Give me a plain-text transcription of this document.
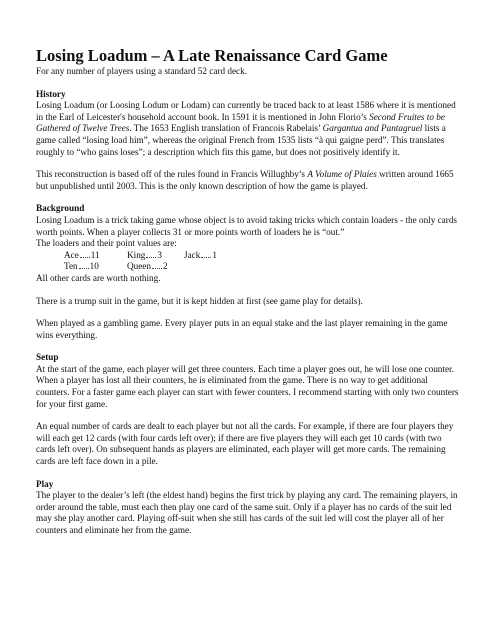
Losing Loadum – A Late Renaissance Card Game

For any number of players using a standard 52 card deck.

History

Losing Loadum (or Loosing Lodum or Lodam) can currently be traced back to at least 1586 where it is mentioned in the Earl of Leicester's household account book. In 1591 it is mentioned in John Florio’s Second Fruites to be Gathered of Twelve Trees. The 1653 English translation of Francois Rabelais’ Gargantua and Pantagruel lists a game called “losing load him”, whereas the original French from 1535 lists “à qui gaigne perd”. This translates roughly to “who gains loses”; a description which fits this game, but does not positively identify it.

This reconstruction is based off of the rules found in Francis Willughby’s A Volume of Plaies written around 1665 but unpublished until 2003. This is the only known description of how the game is played.

Background

Losing Loadum is a trick taking game whose object is to avoid taking tricks which contain loaders - the only cards worth points. When a player collects 31 or more points worth of loaders he is “out.”

The loaders and their point values are:

Ace 11	King 3 Jack 1
Ten 10	Queen 2

All other cards are worth nothing.

There is a trump suit in the game, but it is kept hidden at first (see game play for details).

When played as a gambling game. Every player puts in an equal stake and the last player remaining in the game wins everything.

Setup

At the start of the game, each player will get three counters. Each time a player goes out, he will lose one counter. When a player has lost all their counters, he is eliminated from the game. There is no way to get additional counters. For a faster game each player can start with fewer counters. I recommend starting with only two counters for your first game.

An equal number of cards are dealt to each player but not all the cards. For example, if there are four players they will each get 12 cards (with four cards left over); if there are five players they will each get 10 cards (with two cards left over). On subsequent hands as players are eliminated, each player will get more cards. The remaining cards are left face down in a pile.

Play

The player to the dealer’s left (the eldest hand) begins the first trick by playing any card. The remaining players, in order around the table, must each then play one card of the same suit. Only if a player has no cards of the suit led may she play another card. Playing off-suit when she still has cards of the suit led will cost the player all of her counters and eliminate her from the game.
